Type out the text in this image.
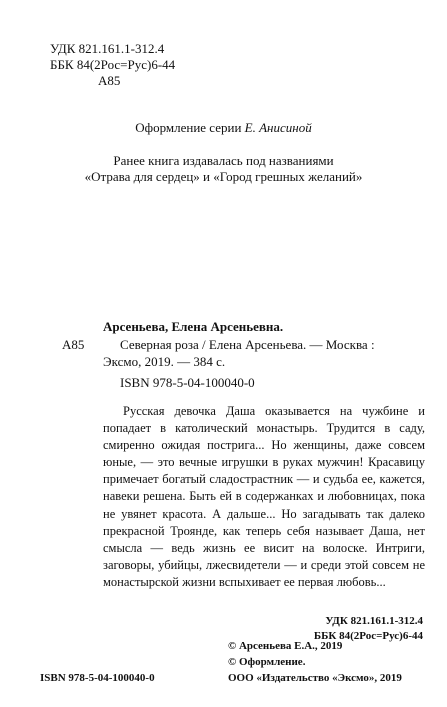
УДК 821.161.1-312.4
ББК 84(2Рос=Рус)6-44
А85
Оформление серии Е. Анисиной
Ранее книга издавалась под названиями
«Отрава для сердец» и «Город грешных желаний»
А85
Арсеньева, Елена Арсеньевна.
Северная роза / Елена Арсеньева. — Москва :
Эксмо, 2019. — 384 с.
ISBN 978-5-04-100040-0
Русская девочка Даша оказывается на чужбине и попадает в католический монастырь. Трудится в саду, смиренно ожидая пострига... Но женщины, даже совсем юные, — это вечные игрушки в руках мужчин! Красавицу примечает богатый сладострастник — и судьба ее, кажется, навеки решена. Быть ей в содержанках и любовницах, пока не увянет красота. А дальше... Но загадывать так далеко прекрасной Трояндe, как теперь себя называет Даша, нет смысла — ведь жизнь ее висит на волоске. Интриги, заговоры, убийцы, лжесвидетели — и среди этой совсем не монастырской жизни вспыхивает ее первая любовь...
УДК 821.161.1-312.4
ББК 84(2Рос=Рус)6-44
© Арсеньева Е.А., 2019
© Оформление.
ISBN 978-5-04-100040-0	ООО «Издательство «Эксмо», 2019
